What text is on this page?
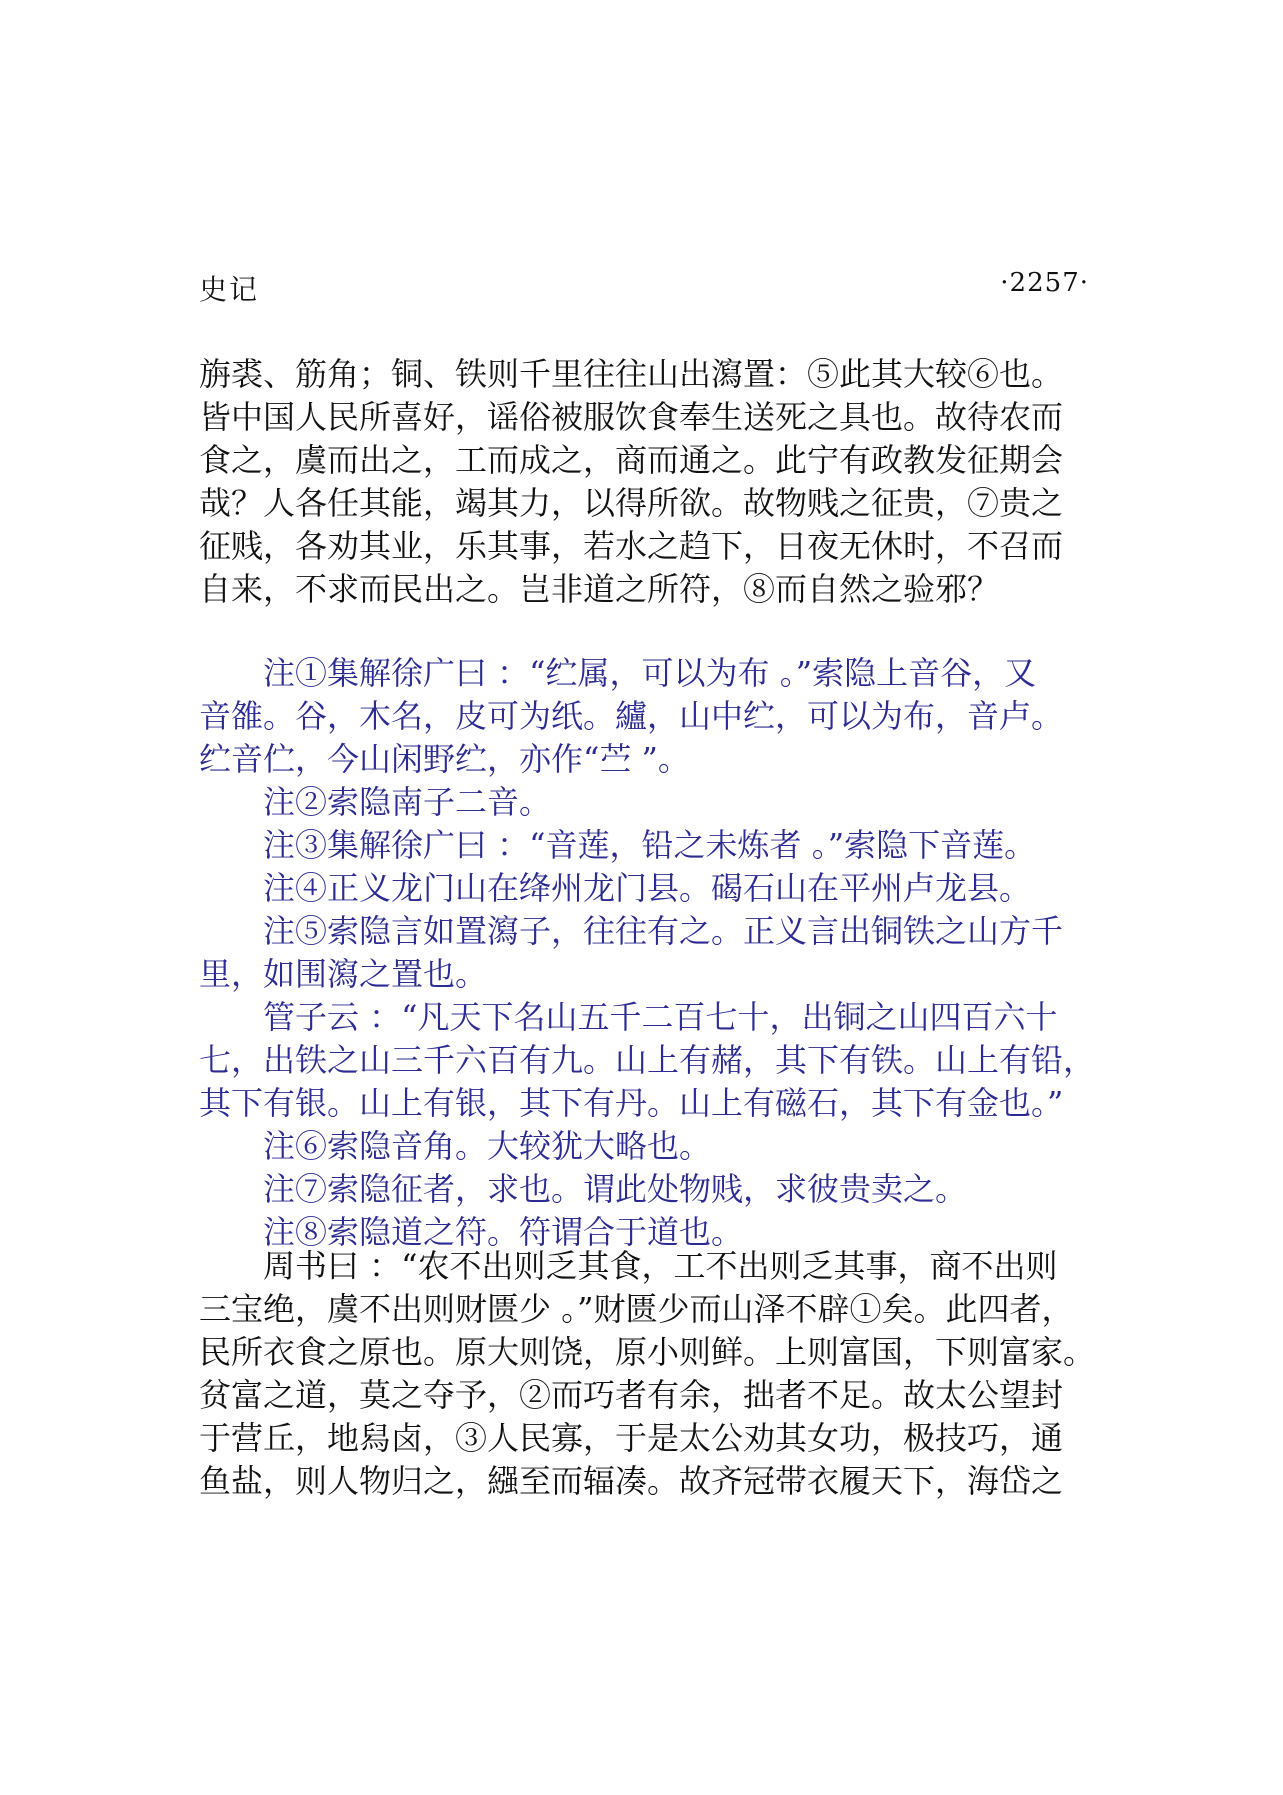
史记	·2257·
旃裘、筋角；铜、铁则千里往往山出瀉置：⑤此其大较⑥也。
皆中国人民所喜好，谣俗被服饮食奉生送死之具也。故待农而
食之，虞而出之，工而成之，商而通之。此宁有政教发征期会
哉？人各任其能，竭其力，以得所欲。故物贱之征贵，⑦贵之
征贱，各劝其业，乐其事，若水之趋下，日夜无休时，不召而
自来，不求而民出之。岂非道之所符，⑧而自然之验邪？
注①集解徐广曰 ：“纻属，可以为布 。”索隐上音谷，又
音雒。谷，木名，皮可为纸。纑，山中纻，可以为布，音卢。
纻音伫，今山闲野纻，亦作“苎 ”。
注②索隐南子二音。
注③集解徐广曰 ：“音莲，铅之未炼者 。”索隐下音莲。
注④正义龙门山在绛州龙门县。碣石山在平州卢龙县。
注⑤索隐言如置瀉子，往往有之。正义言出铜铁之山方千
里，如围瀉之置也。
管子云 ：“凡天下名山五千二百七十，出铜之山四百六十
七，出铁之山三千六百有九。山上有赭，其下有铁。山上有铅，
其下有银。山上有银，其下有丹。山上有磁石，其下有金也。”
注⑥索隐音角。大较犹大略也。
注⑦索隐征者，求也。谓此处物贱，求彼贵卖之。
注⑧索隐道之符。符谓合于道也。
周书曰 ：“农不出则乏其食，工不出则乏其事，商不出则
三宝绝，虞不出则财匮少 。”财匮少而山泽不辟①矣。此四者，
民所衣食之原也。原大则饶，原小则鲜。上则富国，下则富家。
贫富之道，莫之夺予，②而巧者有余，拙者不足。故太公望封
于营丘，地舄卤，③人民寡，于是太公劝其女功，极技巧，通
鱼盐，则人物归之，繦至而辐凑。故齐冠带衣履天下，海岱之
